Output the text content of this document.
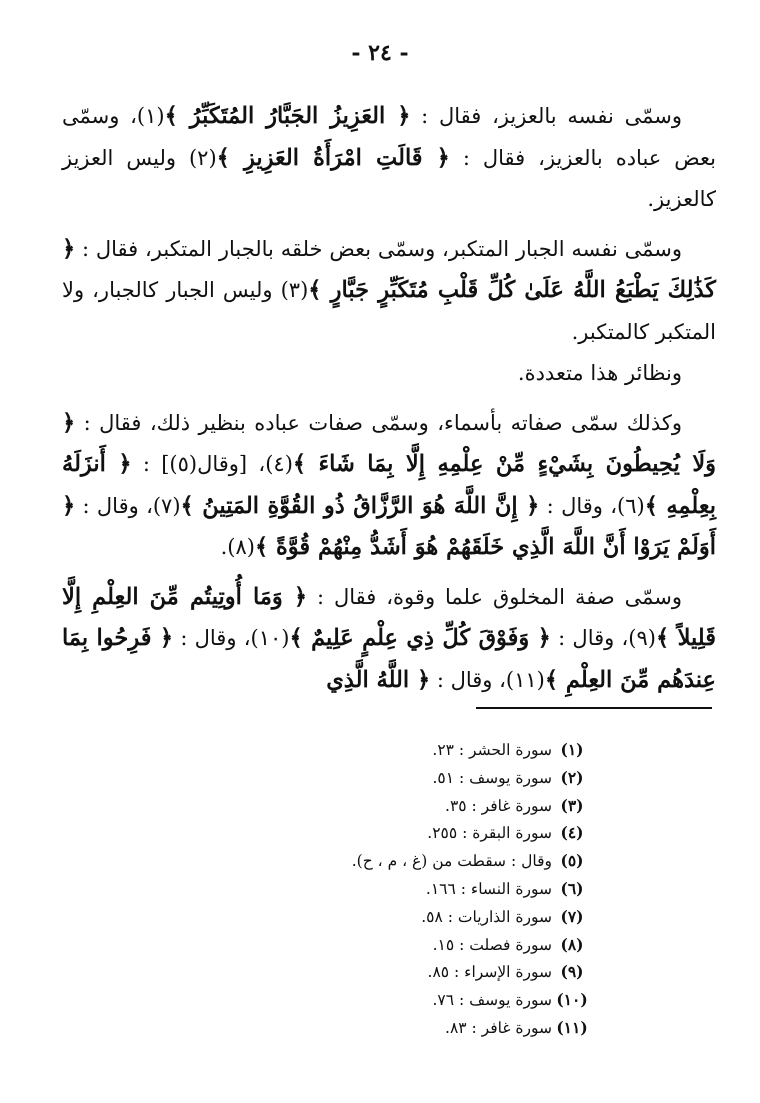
- ٢٤ -

وسمّى نفسه بالعزيز، فقال : ﴿ العَزِيزُ الجَبَّارُ المُتَكَبِّرُ ﴾(١)، وسمّى بعض عباده بالعزيز، فقال : ﴿ قَالَتِ امْرَأَةُ العَزِيزِ ﴾(٢) وليس العزيز كالعزيز.

وسمّى نفسه الجبار المتكبر، وسمّى بعض خلقه بالجبار المتكبر، فقال : ﴿ كَذَٰلِكَ يَطْبَعُ اللَّهُ عَلَىٰ كُلِّ قَلْبِ مُتَكَبِّرٍ جَبَّارٍ ﴾(٣) وليس الجبار كالجبار، ولا المتكبر كالمتكبر.

ونظائر هذا متعددة.

وكذلك سمّى صفاته بأسماء، وسمّى صفات عباده بنظير ذلك، فقال : ﴿ وَلَا يُحِيطُونَ بِشَيْءٍ مِّنْ عِلْمِهِ إِلَّا بِمَا شَاءَ ﴾(٤)، [وقال(٥)] : ﴿ أَنزَلَهُ بِعِلْمِهِ ﴾(٦)، وقال : ﴿ إِنَّ اللَّهَ هُوَ الرَّزَّاقُ ذُو القُوَّةِ المَتِينُ ﴾(٧)، وقال : ﴿ أَوَلَمْ يَرَوْا أَنَّ اللَّهَ الَّذِي خَلَقَهُمْ هُوَ أَشَدُّ مِنْهُمْ قُوَّةً ﴾(٨).

وسمّى صفة المخلوق علما وقوة، فقال : ﴿ وَمَا أُوتِيتُم مِّنَ العِلْمِ إِلَّا قَلِيلاً ﴾(٩)، وقال : ﴿ وَفَوْقَ كُلِّ ذِي عِلْمٍ عَلِيمٌ ﴾(١٠)، وقال : ﴿ فَرِحُوا بِمَا عِندَهُم مِّنَ العِلْمِ ﴾(١١)، وقال : ﴿ اللَّهُ الَّذِي

(١)سورة الحشر : ٢٣.
(٢)سورة يوسف : ٥١.
(٣)سورة غافر : ٣٥.
(٤)سورة البقرة : ٢٥٥.
(٥)وقال : سقطت من (غ ، م ، ح).
(٦)سورة النساء : ١٦٦.
(٧)سورة الذاريات : ٥٨.
(٨)سورة فصلت : ١٥.
(٩)سورة الإسراء : ٨٥.
(١٠)سورة يوسف : ٧٦.
(١١)سورة غافر : ٨٣.
